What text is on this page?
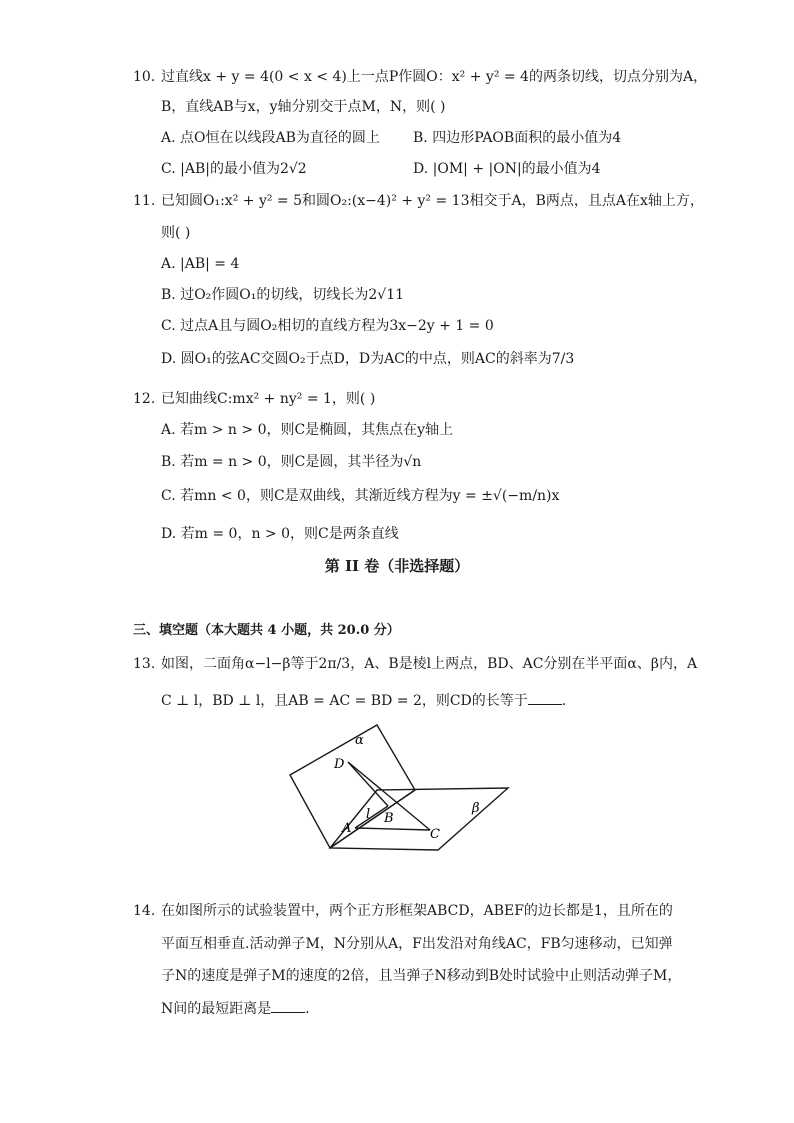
10. 过直线x + y = 4(0 < x < 4)上一点P作圆O：x² + y² = 4的两条切线，切点分别为A，
B，直线AB与x，y轴分别交于点M，N，则( )
A. 点O恒在以线段AB为直径的圆上 B. 四边形PAOB面积的最小值为4
C. |AB|的最小值为2√2	D. |OM| + |ON|的最小值为4
11. 已知圆O₁:x² + y² = 5和圆O₂:(x−4)² + y² = 13相交于A，B两点，且点A在x轴上方，
则( )
A. |AB| = 4
B. 过O₂作圆O₁的切线，切线长为2√11
C. 过点A且与圆O₂相切的直线方程为3x−2y + 1 = 0
D. 圆O₁的弦AC交圆O₂于点D，D为AC的中点，则AC的斜率为7/3
12. 已知曲线C:mx² + ny² = 1，则( )
A. 若m > n > 0，则C是椭圆，其焦点在y轴上
B. 若m = n > 0，则C是圆，其半径为√n
C. 若mn < 0，则C是双曲线，其渐近线方程为y = ±√(−m/n)x
D. 若m = 0，n > 0，则C是两条直线
第 II 卷（非选择题）
三、填空题（本大题共 4 小题，共 20.0 分）
13. 如图，二面角α−l−β等于2π/3，A、B是棱l上两点，BD、AC分别在半平面α、β内，A
C ⊥ l，BD ⊥ l，且AB = AC = BD = 2，则CD的长等于 .
α
β
D
l B
A	C
14. 在如图所示的试验装置中，两个正方形框架ABCD，ABEF的边长都是1，且所在的
平面互相垂直.活动弹子M，N分别从A，F出发沿对角线AC，FB匀速移动，已知弹
子N的速度是弹子M的速度的2倍，且当弹子N移动到B处时试验中止则活动弹子M，
N间的最短距离是 .
